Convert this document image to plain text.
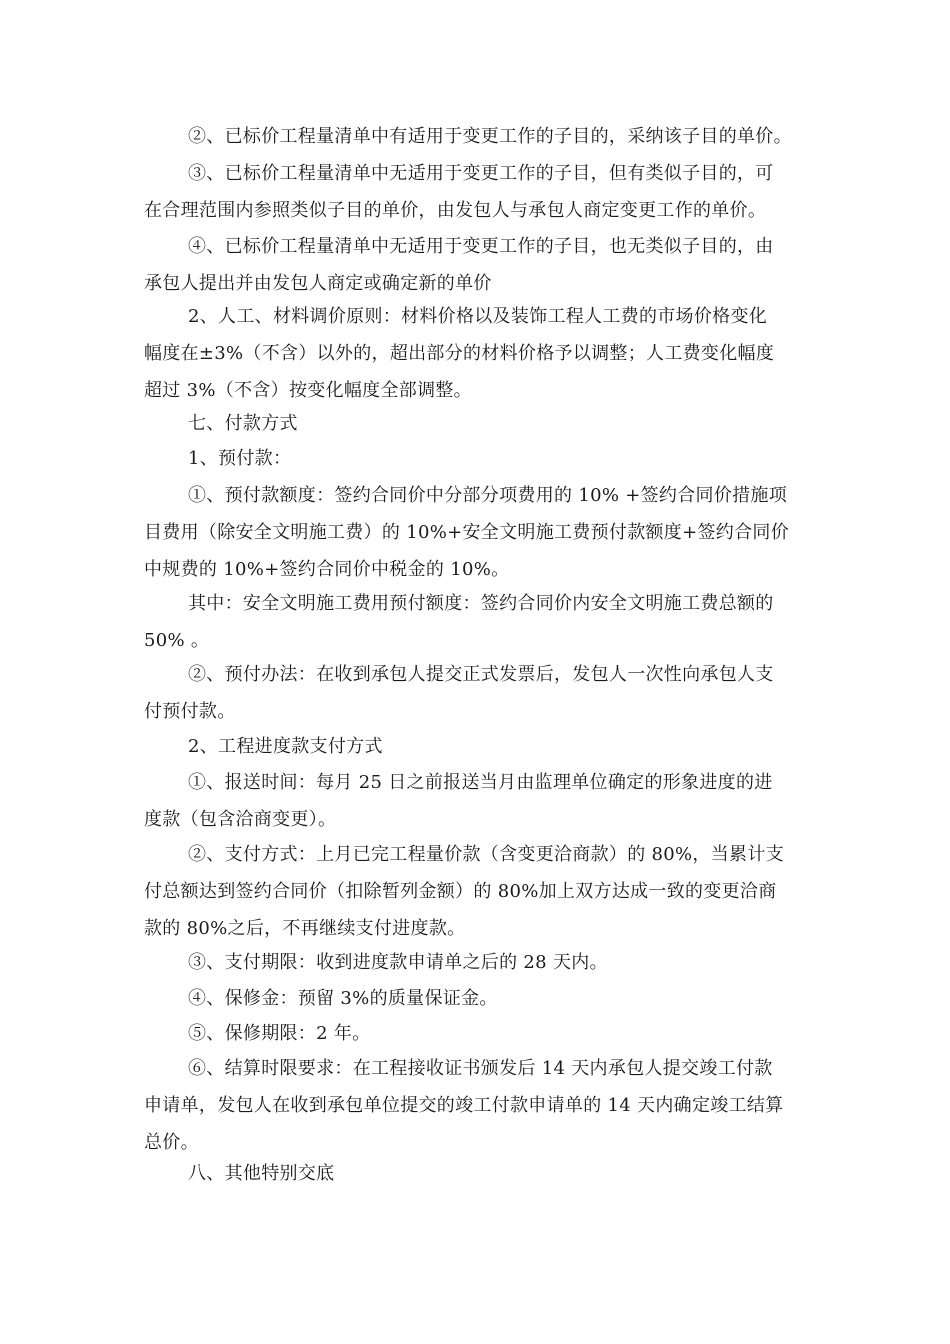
②、已标价工程量清单中有适用于变更工作的子目的，采纳该子目的单价。
③、已标价工程量清单中无适用于变更工作的子目，但有类似子目的，可
在合理范围内参照类似子目的单价，由发包人与承包人商定变更工作的单价。
④、已标价工程量清单中无适用于变更工作的子目，也无类似子目的，由
承包人提出并由发包人商定或确定新的单价
2、人工、材料调价原则：材料价格以及装饰工程人工费的市场价格变化
幅度在±3%（不含）以外的，超出部分的材料价格予以调整；人工费变化幅度
超过 3%（不含）按变化幅度全部调整。
七、付款方式
1、预付款：
①、预付款额度：签约合同价中分部分项费用的 10% +签约合同价措施项
目费用（除安全文明施工费）的 10%+安全文明施工费预付款额度+签约合同价
中规费的 10%+签约合同价中税金的 10%。
其中：安全文明施工费用预付额度：签约合同价内安全文明施工费总额的
50% 。
②、预付办法：在收到承包人提交正式发票后，发包人一次性向承包人支
付预付款。
2、工程进度款支付方式
①、报送时间：每月 25 日之前报送当月由监理单位确定的形象进度的进
度款（包含洽商变更）。
②、支付方式：上月已完工程量价款（含变更洽商款）的 80%，当累计支
付总额达到签约合同价（扣除暂列金额）的 80%加上双方达成一致的变更洽商
款的 80%之后，不再继续支付进度款。
③、支付期限：收到进度款申请单之后的 28 天内。
④、保修金：预留 3%的质量保证金。
⑤、保修期限：2 年。
⑥、结算时限要求：在工程接收证书颁发后 14 天内承包人提交竣工付款
申请单，发包人在收到承包单位提交的竣工付款申请单的 14 天内确定竣工结算
总价。
八、其他特别交底
